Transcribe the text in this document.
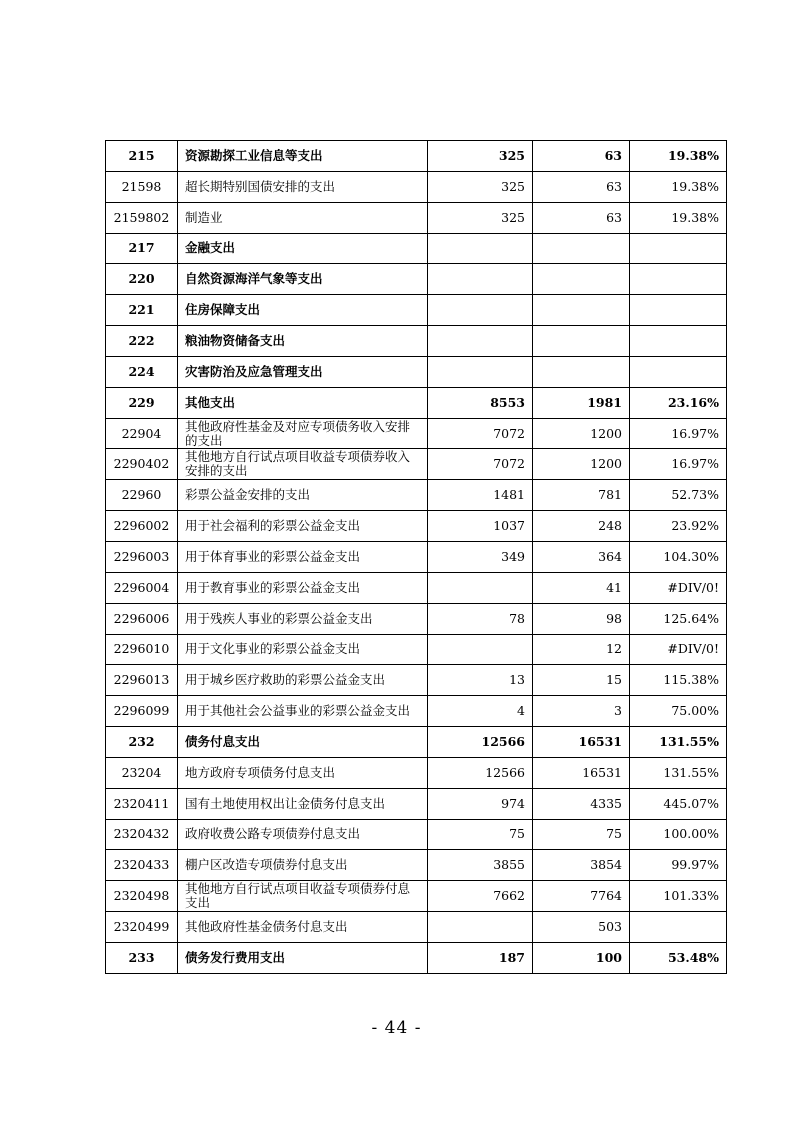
215	资源勘探工业信息等支出	325	63	19.38%
21598	超长期特别国债安排的支出	325	63	19.38%
2159802	制造业	325	63	19.38%
217	金融支出			
220	自然资源海洋气象等支出			
221	住房保障支出			
222	粮油物资储备支出			
224	灾害防治及应急管理支出			
229	其他支出	8553	1981	23.16%
22904	其他政府性基金及对应专项债务收入安排的支出	7072	1200	16.97%
2290402	其他地方自行试点项目收益专项债券收入安排的支出	7072	1200	16.97%
22960	彩票公益金安排的支出	1481	781	52.73%
2296002	用于社会福利的彩票公益金支出	1037	248	23.92%
2296003	用于体育事业的彩票公益金支出	349	364	104.30%
2296004	用于教育事业的彩票公益金支出		41	#DIV/0!
2296006	用于残疾人事业的彩票公益金支出	78	98	125.64%
2296010	用于文化事业的彩票公益金支出		12	#DIV/0!
2296013	用于城乡医疗救助的彩票公益金支出	13	15	115.38%
2296099	用于其他社会公益事业的彩票公益金支出	4	3	75.00%
232	债务付息支出	12566	16531	131.55%
23204	地方政府专项债务付息支出	12566	16531	131.55%
2320411	国有土地使用权出让金债务付息支出	974	4335	445.07%
2320432	政府收费公路专项债券付息支出	75	75	100.00%
2320433	棚户区改造专项债券付息支出	3855	3854	99.97%
2320498	其他地方自行试点项目收益专项债券付息支出	7662	7764	101.33%
2320499	其他政府性基金债务付息支出		503	
233	债务发行费用支出	187	100	53.48%
- 44 -
